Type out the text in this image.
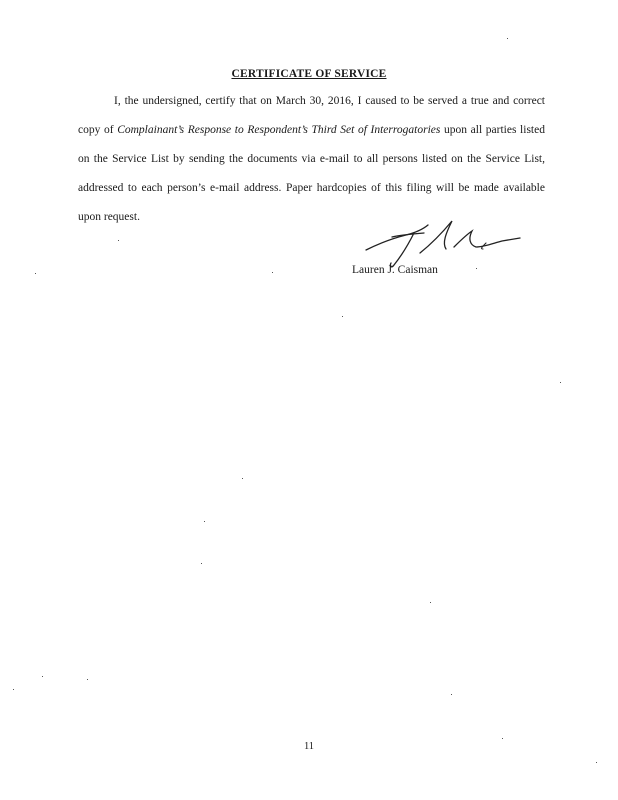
CERTIFICATE OF SERVICE

I, the undersigned, certify that on March 30, 2016, I caused to be served a true and correct copy of Complainant’s Response to Respondent’s Third Set of Interrogatories upon all parties listed on the Service List by sending the documents via e-mail to all persons listed on the Service List, addressed to each person’s e-mail address. Paper hardcopies of this filing will be made available upon request.

Lauren J. Caisman
11
